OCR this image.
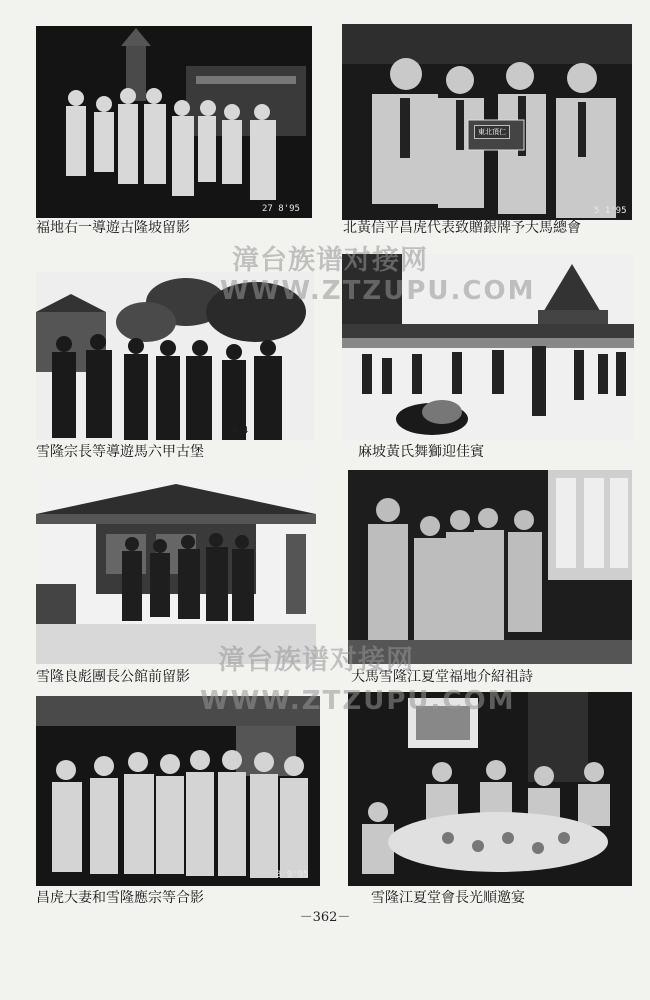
27 8'95
福地右一導遊古隆坡留影
東北頂仁
5 1'95
北黃信平昌虎代表致贈銀牌予大馬總會
6 4
雪隆宗長等導遊馬六甲古堡	麻坡黃氏舞獅迎佳賓
雪隆良彪團長公館前留影	大馬雪隆江夏堂福地介紹祖詩
3 9'95
昌虎大妻和雪隆應宗等合影	雪隆江夏堂會長光順邀宴
漳台族谱对接网
WWW.ZTZUPU.COM
漳台族谱对接网
WWW.ZTZUPU.COM
－362－
